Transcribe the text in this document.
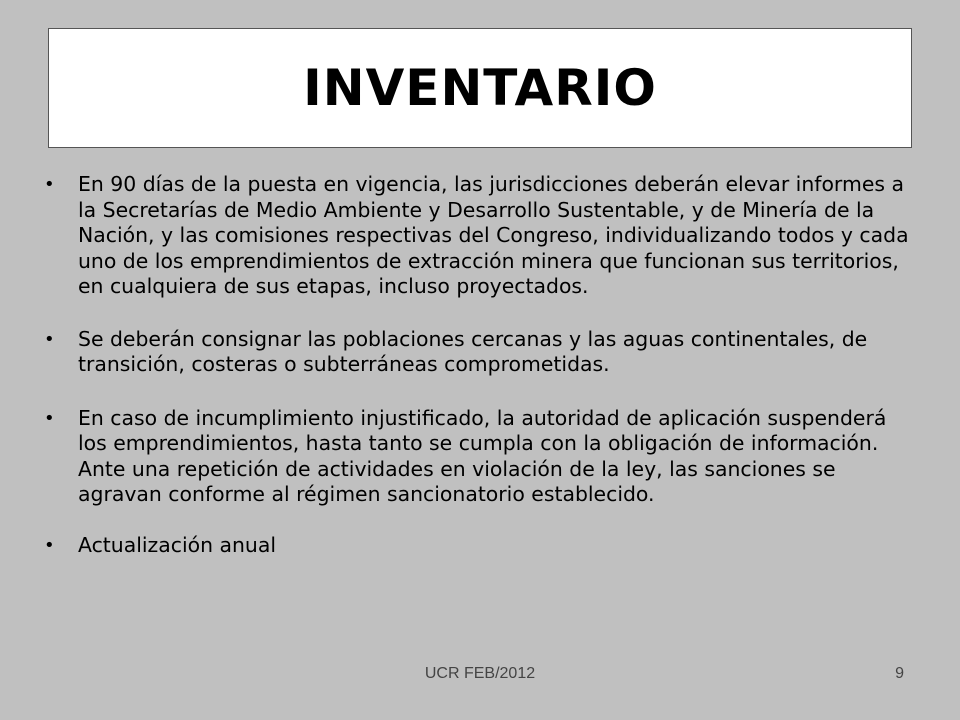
INVENTARIO
•	En 90 días de la puesta en vigencia, las jurisdicciones deberán elevar informes a la Secretarías de Medio Ambiente y Desarrollo Sustentable, y de Minería de la Nación, y las comisiones respectivas del Congreso, individualizando todos y cada uno de los emprendimientos de extracción minera que funcionan sus territorios, en cualquiera de sus etapas, incluso proyectados.
•	Se deberán consignar las poblaciones cercanas y las aguas continentales, de transición, costeras o subterráneas comprometidas.
•	En caso de incumplimiento injustificado, la autoridad de aplicación suspenderá los emprendimientos, hasta tanto se cumpla con la obligación de información. Ante una repetición de actividades en violación de la ley, las sanciones se agravan conforme al régimen sancionatorio establecido.
•	Actualización anual
UCR FEB/2012	9
